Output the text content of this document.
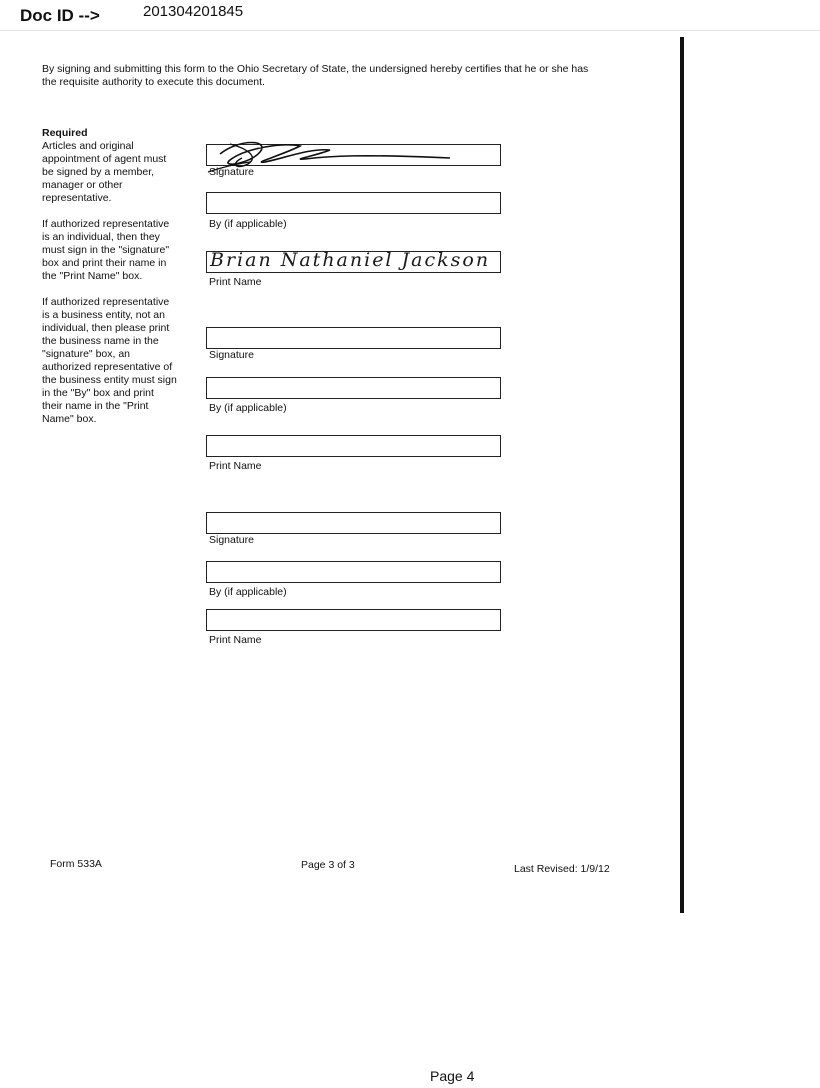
Doc ID -->	201304201845
By signing and submitting this form to the Ohio Secretary of State, the undersigned hereby certifies that he or she has the requisite authority to execute this document.

Required
Articles and original appointment of agent must be signed by a member, manager or other representative.

If authorized representative is an individual, then they must sign in the "signature" box and print their name in the "Print Name" box.

If authorized representative is a business entity, not an individual, then please print the business name in the "signature" box, an authorized representative of the business entity must sign in the "By" box and print their name in the "Print Name" box.

Signature
By (if applicable)
Brian Nathaniel Jackson
Print Name
Signature
By (if applicable)
Print Name
Signature
By (if applicable)
Print Name
Form 533A	Page 3 of 3	Last Revised: 1/9/12
Page 4
